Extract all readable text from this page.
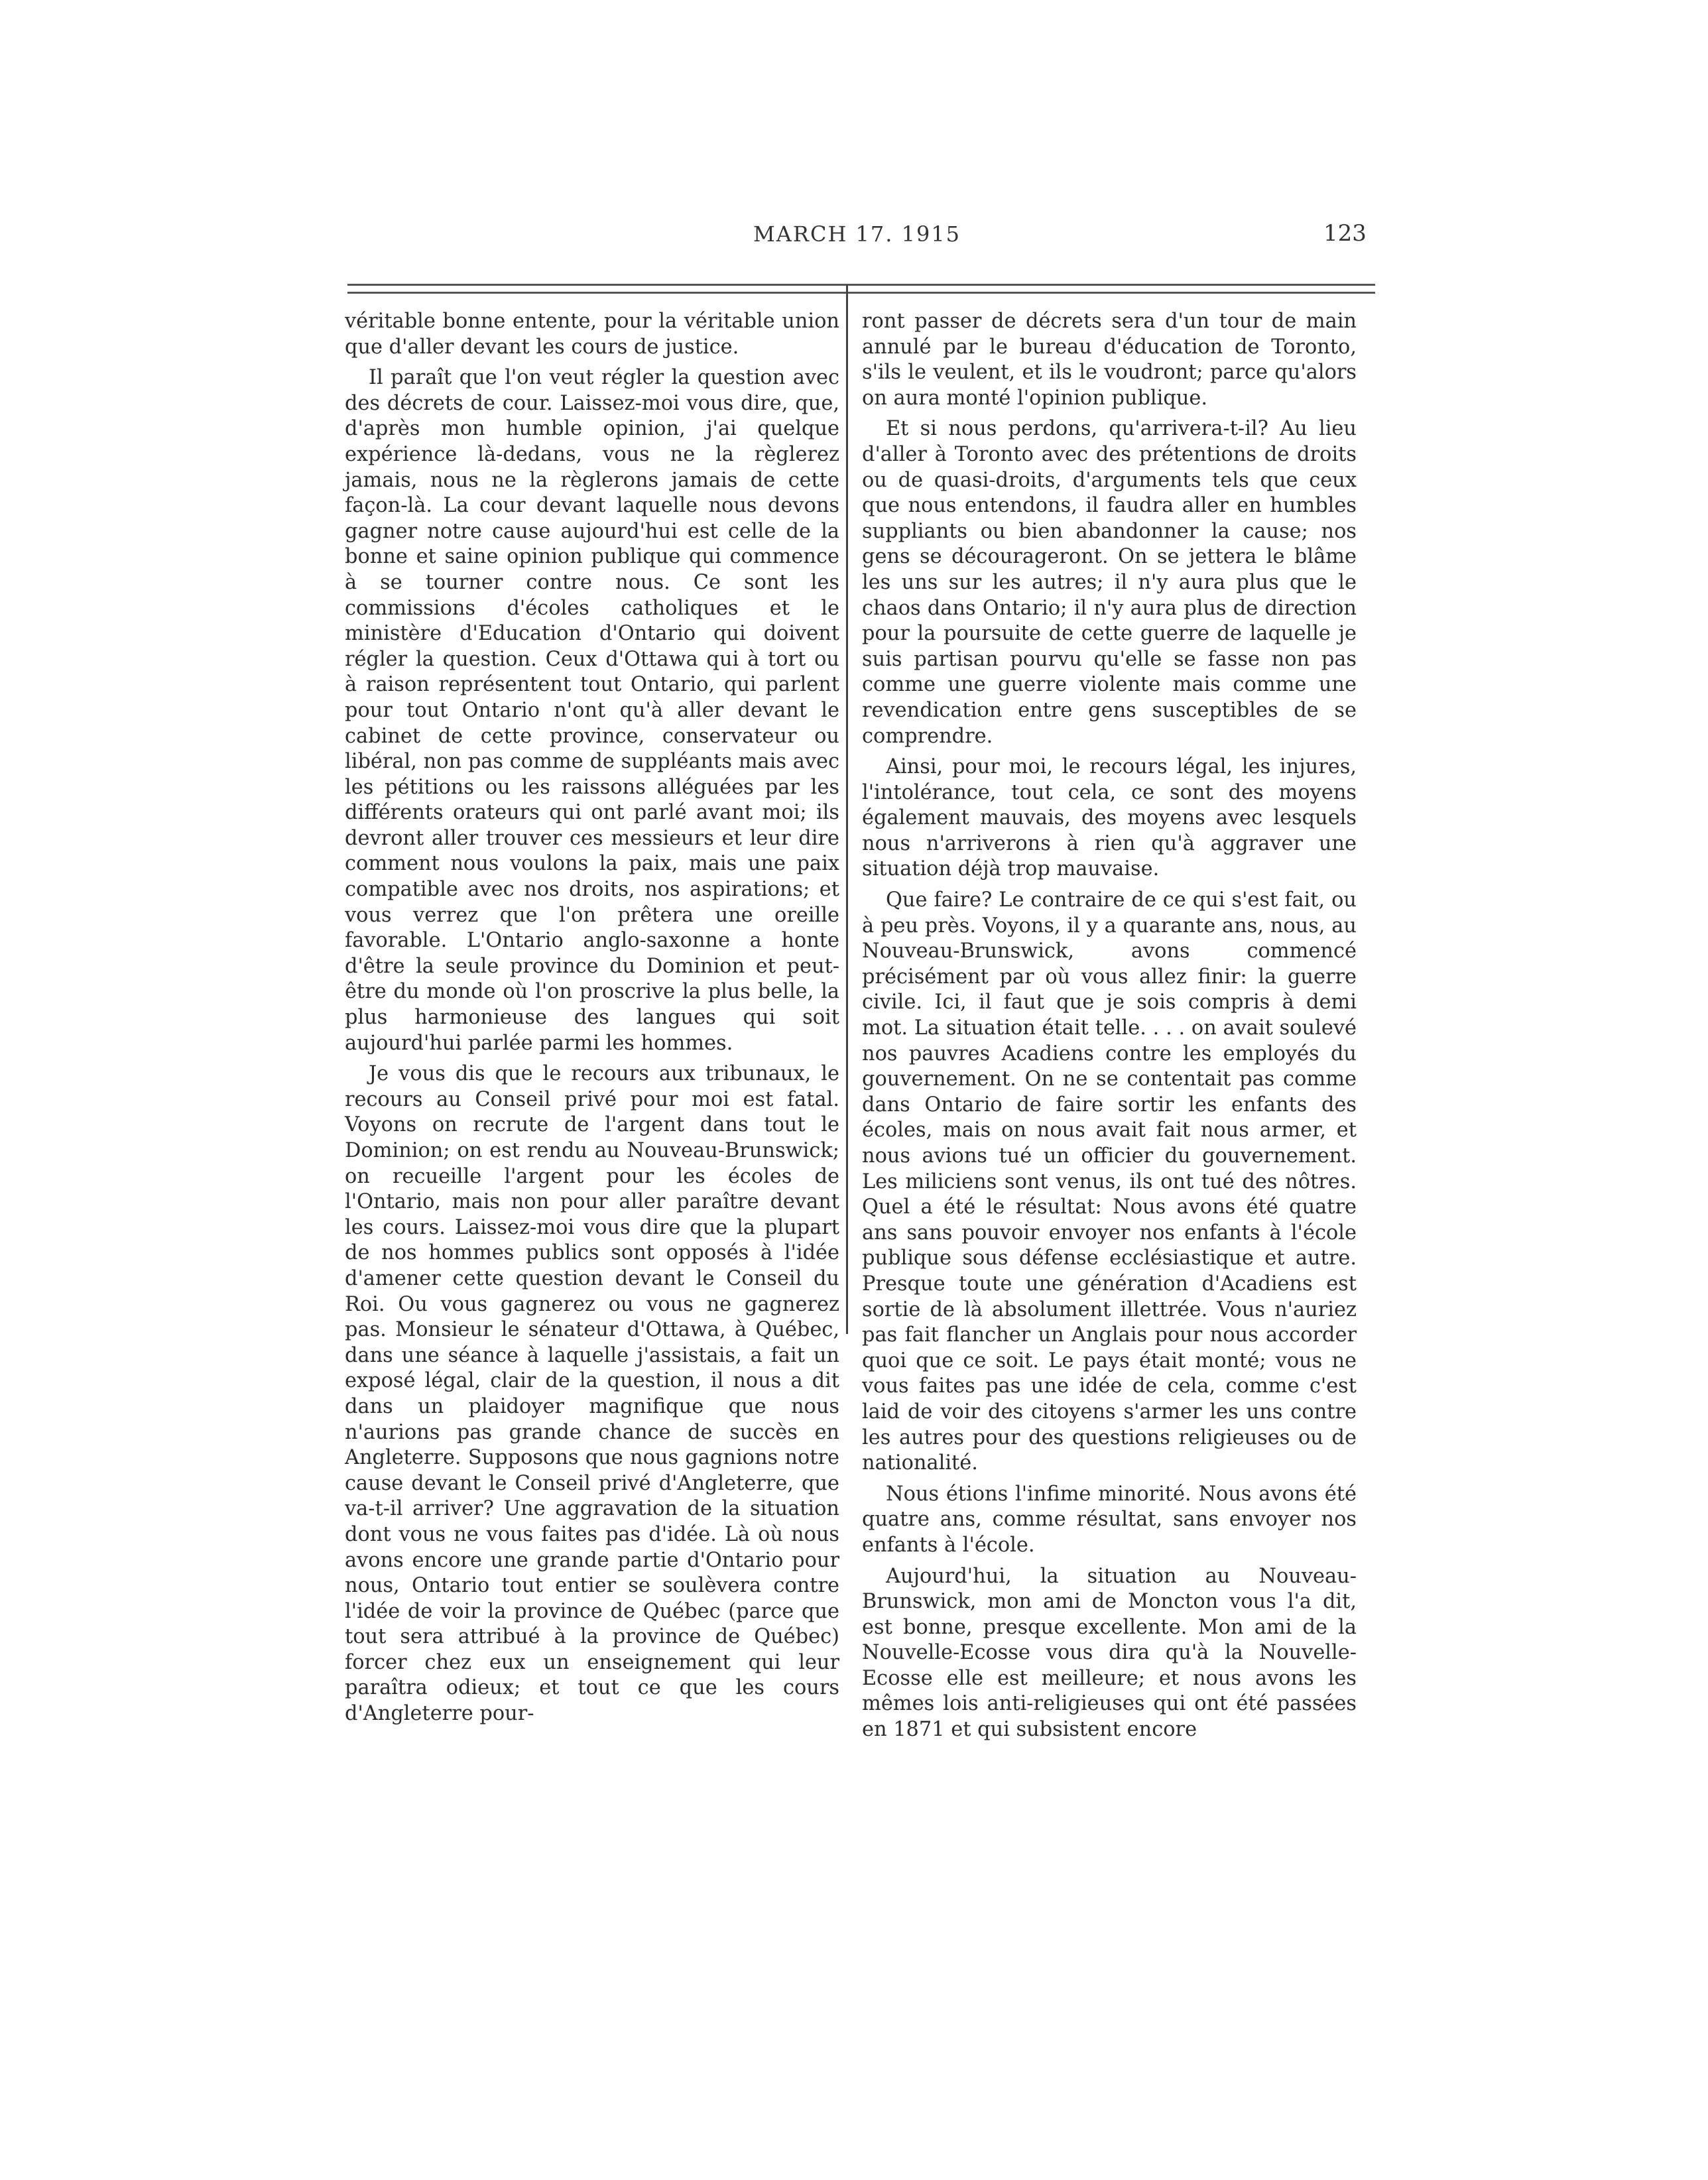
MARCH 17. 1915	123

véritable bonne entente, pour la véritable union que d'aller devant les cours de justice.

Il paraît que l'on veut régler la question avec des décrets de cour. Laissez-moi vous dire, que, d'après mon humble opinion, j'ai quelque expérience là-dedans, vous ne la règlerez jamais, nous ne la règlerons jamais de cette façon-là. La cour devant laquelle nous devons gagner notre cause aujourd'hui est celle de la bonne et saine opinion publique qui commence à se tourner contre nous. Ce sont les commissions d'écoles catholiques et le ministère d'Education d'Ontario qui doivent régler la question. Ceux d'Ottawa qui à tort ou à raison représentent tout Ontario, qui parlent pour tout Ontario n'ont qu'à aller devant le cabinet de cette province, conservateur ou libéral, non pas comme de suppléants mais avec les pétitions ou les raissons alléguées par les différents orateurs qui ont parlé avant moi; ils devront aller trouver ces messieurs et leur dire comment nous voulons la paix, mais une paix compatible avec nos droits, nos aspirations; et vous verrez que l'on prêtera une oreille favorable. L'Ontario anglo-saxonne a honte d'être la seule province du Dominion et peut-être du monde où l'on proscrive la plus belle, la plus harmonieuse des langues qui soit aujourd'hui parlée parmi les hommes.

Je vous dis que le recours aux tribunaux, le recours au Conseil privé pour moi est fatal. Voyons on recrute de l'argent dans tout le Dominion; on est rendu au Nouveau-Brunswick; on recueille l'argent pour les écoles de l'Ontario, mais non pour aller paraître devant les cours. Laissez-moi vous dire que la plupart de nos hommes publics sont opposés à l'idée d'amener cette question devant le Conseil du Roi. Ou vous gagnerez ou vous ne gagnerez pas. Monsieur le sénateur d'Ottawa, à Québec, dans une séance à laquelle j'assistais, a fait un exposé légal, clair de la question, il nous a dit dans un plaidoyer magnifique que nous n'aurions pas grande chance de succès en Angleterre. Supposons que nous gagnions notre cause devant le Conseil privé d'Angleterre, que va-t-il arriver? Une aggravation de la situation dont vous ne vous faites pas d'idée. Là où nous avons encore une grande partie d'Ontario pour nous, Ontario tout entier se soulèvera contre l'idée de voir la province de Québec (parce que tout sera attribué à la province de Québec) forcer chez eux un enseignement qui leur paraîtra odieux; et tout ce que les cours d'Angleterre pour-

ront passer de décrets sera d'un tour de main annulé par le bureau d'éducation de Toronto, s'ils le veulent, et ils le voudront; parce qu'alors on aura monté l'opinion publique.

Et si nous perdons, qu'arrivera-t-il? Au lieu d'aller à Toronto avec des prétentions de droits ou de quasi-droits, d'arguments tels que ceux que nous entendons, il faudra aller en humbles suppliants ou bien abandonner la cause; nos gens se décourageront. On se jettera le blâme les uns sur les autres; il n'y aura plus que le chaos dans Ontario; il n'y aura plus de direction pour la poursuite de cette guerre de laquelle je suis partisan pourvu qu'elle se fasse non pas comme une guerre violente mais comme une revendication entre gens susceptibles de se comprendre.

Ainsi, pour moi, le recours légal, les injures, l'intolérance, tout cela, ce sont des moyens également mauvais, des moyens avec lesquels nous n'arriverons à rien qu'à aggraver une situation déjà trop mauvaise.

Que faire? Le contraire de ce qui s'est fait, ou à peu près. Voyons, il y a quarante ans, nous, au Nouveau-Brunswick, avons commencé précisément par où vous allez finir: la guerre civile. Ici, il faut que je sois compris à demi mot. La situation était telle. . . . on avait soulevé nos pauvres Acadiens contre les employés du gouvernement. On ne se contentait pas comme dans Ontario de faire sortir les enfants des écoles, mais on nous avait fait nous armer, et nous avions tué un officier du gouvernement. Les miliciens sont venus, ils ont tué des nôtres. Quel a été le résultat: Nous avons été quatre ans sans pouvoir envoyer nos enfants à l'école publique sous défense ecclésiastique et autre. Presque toute une génération d'Acadiens est sortie de là absolument illettrée. Vous n'auriez pas fait flancher un Anglais pour nous accorder quoi que ce soit. Le pays était monté; vous ne vous faites pas une idée de cela, comme c'est laid de voir des citoyens s'armer les uns contre les autres pour des questions religieuses ou de nationalité.

Nous étions l'infime minorité. Nous avons été quatre ans, comme résultat, sans envoyer nos enfants à l'école.

Aujourd'hui, la situation au Nouveau-Brunswick, mon ami de Moncton vous l'a dit, est bonne, presque excellente. Mon ami de la Nouvelle-Ecosse vous dira qu'à la Nouvelle-Ecosse elle est meilleure; et nous avons les mêmes lois anti-religieuses qui ont été passées en 1871 et qui subsistent encore
